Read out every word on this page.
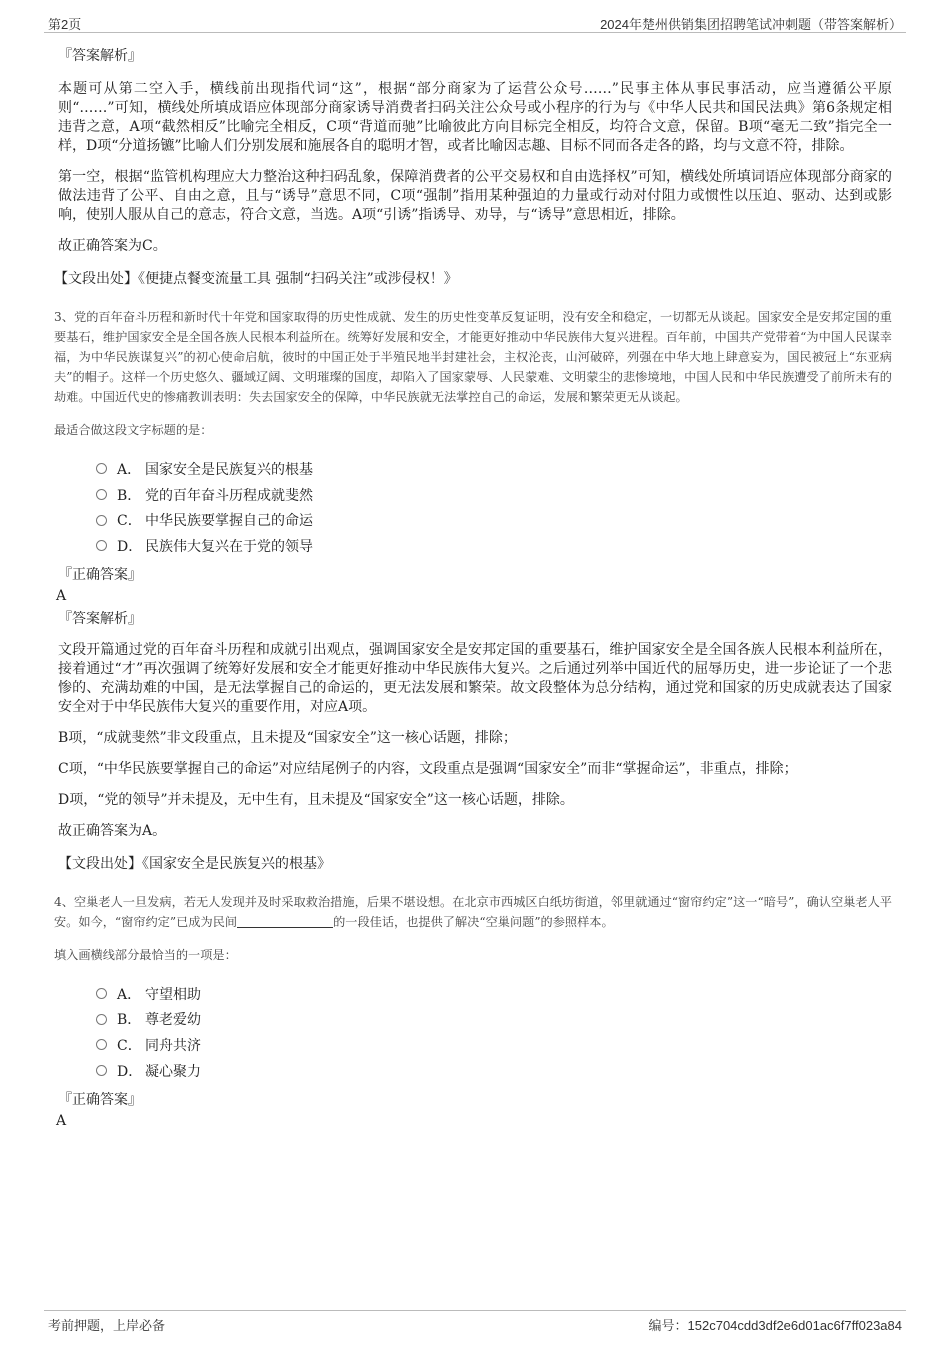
第2页	2024年楚州供销集团招聘笔试冲刺题（带答案解析）
『答案解析』

本题可从第二空入手，横线前出现指代词“这”，根据“部分商家为了运营公众号……”民事主体从事民事活动，应当遵循公平原则“……”可知，横线处所填成语应体现部分商家诱导消费者扫码关注公众号或小程序的行为与《中华人民共和国民法典》第6条规定相违背之意，A项“截然相反”比喻完全相反，C项“背道而驰”比喻彼此方向目标完全相反，均符合文意，保留。B项“毫无二致”指完全一样，D项“分道扬镳”比喻人们分别发展和施展各自的聪明才智，或者比喻因志趣、目标不同而各走各的路，均与文意不符，排除。

第一空，根据“监管机构理应大力整治这种扫码乱象，保障消费者的公平交易权和自由选择权”可知，横线处所填词语应体现部分商家的做法违背了公平、自由之意，且与“诱导”意思不同，C项“强制”指用某种强迫的力量或行动对付阻力或惯性以压迫、驱动、达到或影响，使别人服从自己的意志，符合文意，当选。A项“引诱”指诱导、劝导，与“诱导”意思相近，排除。

故正确答案为C。

【文段出处】《便捷点餐变流量工具 强制“扫码关注”或涉侵权！》

3、党的百年奋斗历程和新时代十年党和国家取得的历史性成就、发生的历史性变革反复证明，没有安全和稳定，一切都无从谈起。国家安全是安邦定国的重要基石，维护国家安全是全国各族人民根本利益所在。统筹好发展和安全，才能更好推动中华民族伟大复兴进程。百年前，中国共产党带着“为中国人民谋幸福，为中华民族谋复兴”的初心使命启航，彼时的中国正处于半殖民地半封建社会，主权沦丧，山河破碎，列强在中华大地上肆意妄为，国民被冠上“东亚病夫”的帽子。这样一个历史悠久、疆域辽阔、文明璀璨的国度，却陷入了国家蒙辱、人民蒙难、文明蒙尘的悲惨境地，中国人民和中华民族遭受了前所未有的劫难。中国近代史的惨痛教训表明：失去国家安全的保障，中华民族就无法掌控自己的命运，发展和繁荣更无从谈起。

最适合做这段文字标题的是：

A． 国家安全是民族复兴的根基
B． 党的百年奋斗历程成就斐然
C． 中华民族要掌握自己的命运
D． 民族伟大复兴在于党的领导
『正确答案』
A
『答案解析』

文段开篇通过党的百年奋斗历程和成就引出观点，强调国家安全是安邦定国的重要基石，维护国家安全是全国各族人民根本利益所在，接着通过“才”再次强调了统筹好发展和安全才能更好推动中华民族伟大复兴。之后通过列举中国近代的屈辱历史，进一步论证了一个悲惨的、充满劫难的中国，是无法掌握自己的命运的，更无法发展和繁荣。故文段整体为总分结构，通过党和国家的历史成就表达了国家安全对于中华民族伟大复兴的重要作用，对应A项。

B项，“成就斐然”非文段重点，且未提及“国家安全”这一核心话题，排除；

C项，“中华民族要掌握自己的命运”对应结尾例子的内容，文段重点是强调“国家安全”而非“掌握命运”，非重点，排除；

D项，“党的领导”并未提及，无中生有，且未提及“国家安全”这一核心话题，排除。

故正确答案为A。

【文段出处】《国家安全是民族复兴的根基》

4、空巢老人一旦发病，若无人发现并及时采取救治措施，后果不堪设想。在北京市西城区白纸坊街道，邻里就通过“窗帘约定”这一“暗号”，确认空巢老人平安。如今，“窗帘约定”已成为民间	的一段佳话，也提供了解决“空巢问题”的参照样本。

填入画横线部分最恰当的一项是：

A． 守望相助
B． 尊老爱幼
C． 同舟共济
D． 凝心聚力
『正确答案』
A
考前押题，上岸必备	编号：152c704cdd3df2e6d01ac6f7ff023a84
